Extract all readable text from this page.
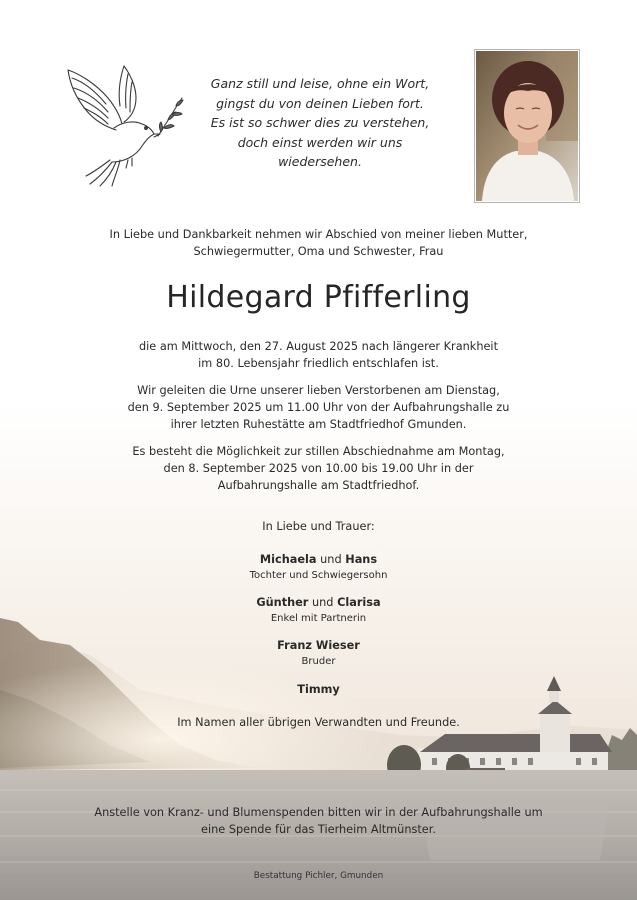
Ganz still und leise, ohne ein Wort,
gingst du von deinen Lieben fort.
Es ist so schwer dies zu verstehen,
doch einst werden wir uns
wiedersehen.
In Liebe und Dankbarkeit nehmen wir Abschied von meiner lieben Mutter,
Schwiegermutter, Oma und Schwester, Frau
Hildegard Pfifferling
die am Mittwoch, den 27. August 2025 nach längerer Krankheit
im 80. Lebensjahr friedlich entschlafen ist.
Wir geleiten die Urne unserer lieben Verstorbenen am Dienstag,
den 9. September 2025 um 11.00 Uhr von der Aufbahrungshalle zu
ihrer letzten Ruhestätte am Stadtfriedhof Gmunden.
Es besteht die Möglichkeit zur stillen Abschiednahme am Montag,
den 8. September 2025 von 10.00 bis 19.00 Uhr in der
Aufbahrungshalle am Stadtfriedhof.
In Liebe und Trauer:
Michaela und Hans
Tochter und Schwiegersohn
Günther und Clarisa
Enkel mit Partnerin
Franz Wieser
Bruder
Timmy
Im Namen aller übrigen Verwandten und Freunde.
Anstelle von Kranz- und Blumenspenden bitten wir in der Aufbahrungshalle um
eine Spende für das Tierheim Altmünster.
Bestattung Pichler, Gmunden
